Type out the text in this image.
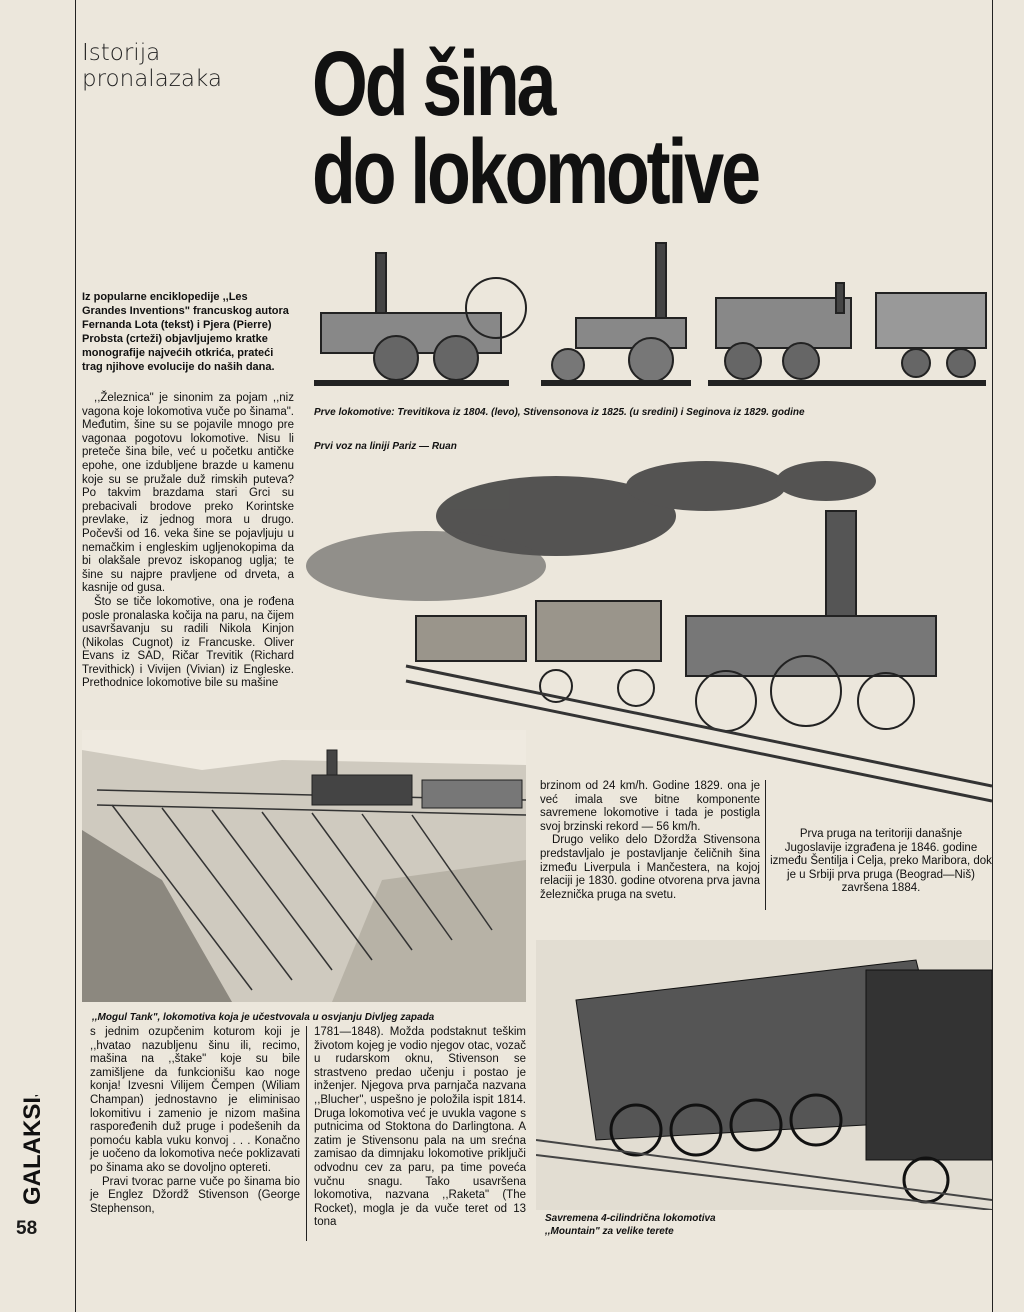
Istorija pronalazaka Od šina
do lokomotive
Prve lokomotive: Trevitikova iz 1804. (levo), Stivensonova iz 1825. (u sredini) i Seginova iz 1829. godine
Prvi voz na liniji Pariz — Ruan
Iz popularne enciklopedije ,,Les Grandes Inventions" francuskog autora Fernanda Lota (tekst) i Pjera (Pierre) Probsta (crteži) objavljujemo kratke monografije najvećih otkrića, prateći trag njihove evolucije do naših dana.

,,Železnica" je sinonim za pojam ,,niz vagona koje lokomotiva vuče po šinama". Međutim, šine su se pojavile mnogo pre vagonaa pogotovu lokomotive. Nisu li preteče šina bile, već u početku antičke epohe, one izdubljene brazde u kamenu koje su se pružale duž rimskih puteva? Po takvim brazdama stari Grci su prebacivali brodove preko Korintske prevlake, iz jednog mora u drugo. Počevši od 16. veka šine se pojavljuju u nemačkim i engleskim ugljenokopima da bi olakšale prevoz iskopanog uglja; te šine su najpre pravljene od drveta, a kasnije od gusa.

Što se tiče lokomotive, ona je rođena posle pronalaska kočija na paru, na čijem usavršavanju su radili Nikola Kinjon (Nikolas Cugnot) iz Francuske. Oliver Evans iz SAD, Ričar Trevitik (Richard Trevithick) i Vivijen (Vivian) iz Engleske. Prethodnice lokomotive bile su mašine

,,Mogul Tank", lokomotiva koja je učestvovala u osvjanju Divljeg zapada

brzinom od 24 km/h. Godine 1829. ona je već imala sve bitne komponente savremene lokomotive i tada je postigla svoj brzinski rekord — 56 km/h.

Drugo veliko delo Džordža Stivensona predstavljalo je postavljanje čeličnih šina između Liverpula i Mančestera, na kojoj relaciji je 1830. godine otvorena prva javna železnička pruga na svetu.

Prva pruga na teritoriji današnje Jugoslavije izgrađena je 1846. godine između Šentilja i Celja, preko Maribora, dok je u Srbiji prva pruga (Beograd—Niš) završena 1884.
Savremena 4-cilindrična lokomotiva
,,Mountain" za velike terete

s jednim ozupčenim koturom koji je ,,hvatao nazubljenu šinu ili, recimo, mašina na ,,štake" koje su bile zamišljene da funkcionišu kao noge konja! Izvesni Vilijem Čempen (Wiliam Champan) jednostavno je eliminisao lokomitivu i zamenio je nizom mašina raspoređenih duž pruge i podešenih da pomoću kabla vuku konvoj . . . Konačno je uočeno da lokomotiva neće poklizavati po šinama ako se dovoljno optereti.

Pravi tvorac parne vuče po šinama bio je Englez Džordž Stivenson (George Stephenson,

1781—1848). Možda podstaknut teškim životom kojeg je vodio njegov otac, vozač u rudarskom oknu, Stivenson se strastveno predao učenju i postao je inženjer. Njegova prva parnjača nazvana ,,Blucher", uspešno je položila ispit 1814. Druga lokomotiva već je uvukla vagone s putnicima od Stoktona do Darlingtona. A zatim je Stivensonu pala na um srećna zamisao da dimnjaku lokomotive priključi odvodnu cev za paru, pa time poveća vučnu snagu. Tako usavršena lokomotiva, nazvana ,,Raketa" (The Rocket), mogla je da vuče teret od 13 tona

GALAKSIJA
58
